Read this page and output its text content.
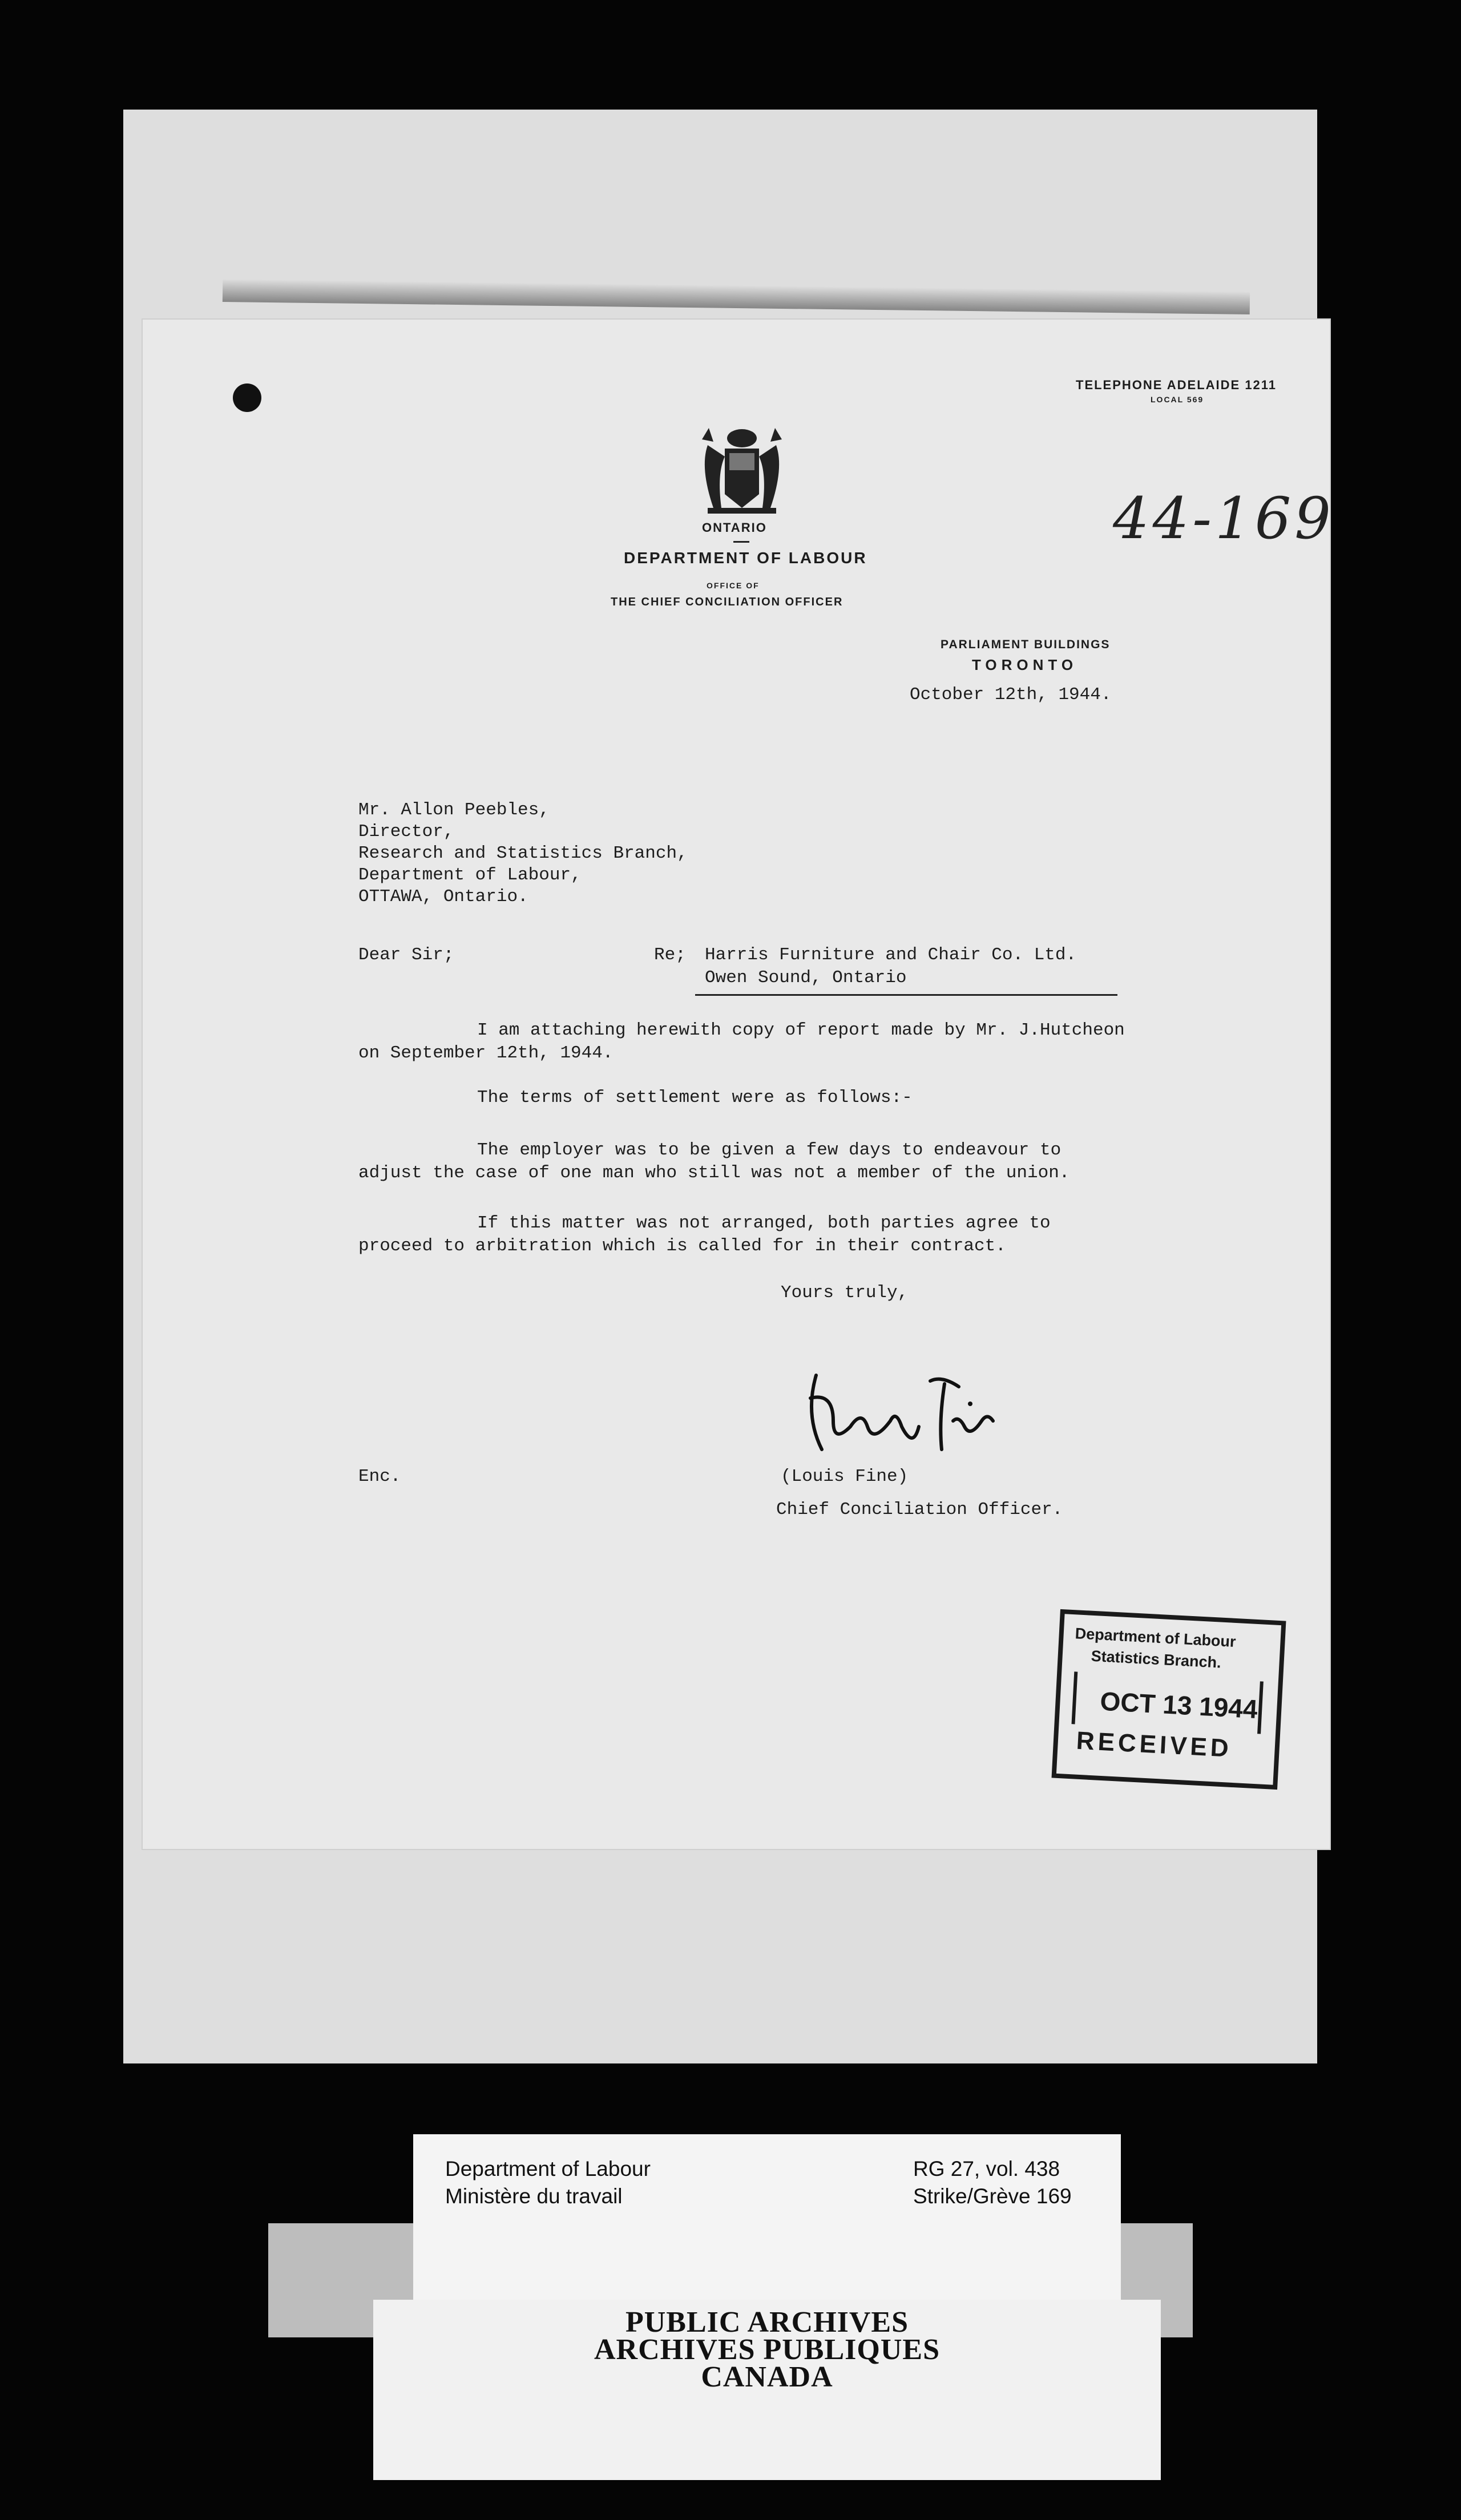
TELEPHONE ADELAIDE 1211
LOCAL 569
ONTARIO
DEPARTMENT OF LABOUR
OFFICE OF
THE CHIEF CONCILIATION OFFICER
44-169
PARLIAMENT BUILDINGS
TORONTO
October 12th, 1944.
Mr. Allon Peebles,
Director,
Research and Statistics Branch,
Department of Labour,
OTTAWA, Ontario.
Dear Sir;	Re; Harris Furniture and Chair Co. Ltd.
Owen Sound, Ontario
I am attaching herewith copy of report made by Mr. J.Hutcheon
on September 12th, 1944.
The terms of settlement were as follows:-
The employer was to be given a few days to endeavour to
adjust the case of one man who still was not a member of the union.
If this matter was not arranged, both parties agree to
proceed to arbitration which is called for in their contract.
Yours truly,
(Louis Fine)
Chief Conciliation Officer.
Enc.
Department of Labour
Statistics Branch.
OCT 13 1944
RECEIVED
Department of Labour
Ministère du travail
RG 27, vol. 438
Strike/Grève 169
PUBLIC ARCHIVES
ARCHIVES PUBLIQUES
CANADA
